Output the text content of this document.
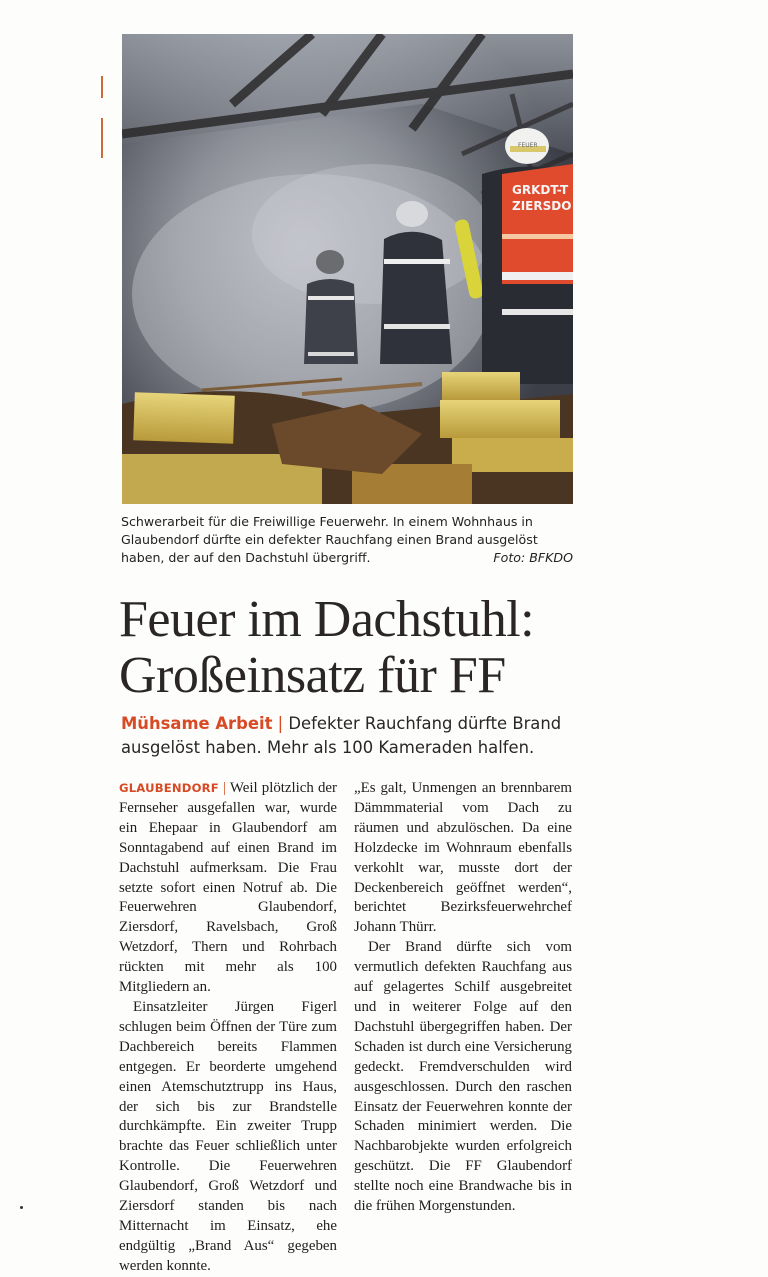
GRKDT-T
ZIERSDO
FEUER
Schwerarbeit für die Freiwillige Feuerwehr. In einem Wohnhaus in Glaubendorf dürfte ein defekter Rauchfang einen Brand ausgelöst haben, der auf den Dachstuhl übergriff.	Foto: BFKDO
Feuer im Dachstuhl:
Großeinsatz für FF
Mühsame Arbeit | Defekter Rauchfang dürfte Brand
ausgelöst haben. Mehr als 100 Kameraden halfen.

GLAUBENDORF | Weil plötzlich der Fernseher ausgefallen war, wurde ein Ehepaar in Glaubendorf am Sonntagabend auf einen Brand im Dachstuhl aufmerksam. Die Frau setzte sofort einen Notruf ab. Die Feuerwehren Glaubendorf, Ziersdorf, Ravelsbach, Groß Wetzdorf, Thern und Rohrbach rückten mit mehr als 100 Mitgliedern an.

Einsatzleiter Jürgen Figerl schlugen beim Öffnen der Türe zum Dachbereich bereits Flammen entgegen. Er beorderte umgehend einen Atemschutztrupp ins Haus, der sich bis zur Brandstelle durchkämpfte. Ein zweiter Trupp brachte das Feuer schließlich unter Kontrolle. Die Feuerwehren Glaubendorf, Groß Wetzdorf und Ziersdorf standen bis nach Mitternacht im Einsatz, ehe endgültig „Brand Aus“ gegeben werden konnte.

„Es galt, Unmengen an brennbarem Dämmmaterial vom Dach zu räumen und abzulöschen. Da eine Holzdecke im Wohnraum ebenfalls verkohlt war, musste dort der Deckenbereich geöffnet werden“, berichtet Bezirksfeuerwehrchef Johann Thürr.

Der Brand dürfte sich vom vermutlich defekten Rauchfang aus auf gelagertes Schilf ausgebreitet und in weiterer Folge auf den Dachstuhl übergegriffen haben. Der Schaden ist durch eine Versicherung gedeckt. Fremdverschulden wird ausgeschlossen. Durch den raschen Einsatz der Feuerwehren konnte der Schaden minimiert werden. Die Nachbarobjekte wurden erfolgreich geschützt. Die FF Glaubendorf stellte noch eine Brandwache bis in die frühen Morgenstunden.
